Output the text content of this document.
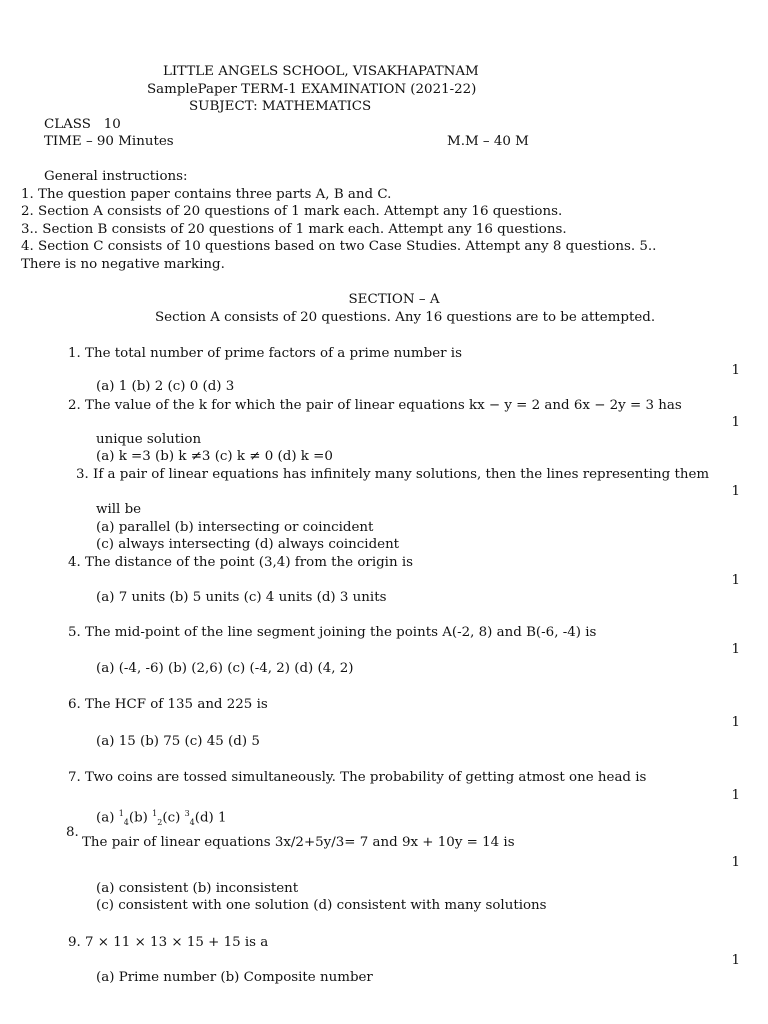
LITTLE ANGELS SCHOOL, VISAKHAPATNAM
SamplePaper TERM-1 EXAMINATION (2021-22)
SUBJECT: MATHEMATICS
CLASS   10
TIME – 90 Minutes	M.M – 40 M
General instructions:
1. The question paper contains three parts A, B and C.
2. Section A consists of 20 questions of 1 mark each. Attempt any 16 questions.
3.. Section B consists of 20 questions of 1 mark each. Attempt any 16 questions.
4. Section C consists of 10 questions based on two Case Studies. Attempt any 8 questions. 5..
There is no negative marking.
SECTION – A
Section A consists of 20 questions. Any 16 questions are to be attempted.
1. The total number of prime factors of a prime number is
1
(a) 1 (b) 2 (c) 0 (d) 3
2. The value of the k for which the pair of linear equations kx − y = 2 and 6x − 2y = 3 has
1
unique solution
(a) k =3 (b) k ≠3 (c) k ≠ 0 (d) k =0
3. If a pair of linear equations has infinitely many solutions, then the lines representing them
1
will be
(a) parallel (b) intersecting or coincident
(c) always intersecting (d) always coincident
4. The distance of the point (3,4) from the origin is
1
(a) 7 units (b) 5 units (c) 4 units (d) 3 units
5. The mid-point of the line segment joining the points A(-2, 8) and B(-6, -4) is
1
(a) (-4, -6) (b) (2,6) (c) (-4, 2) (d) (4, 2)
6. The HCF of 135 and 225 is
1
(a) 15 (b) 75 (c) 45 (d) 5
7. Two coins are tossed simultaneously. The probability of getting atmost one head is
1
(a) $^1_4$(b) $^1_2$(c) $^3_4$(d) 1
8.
The pair of linear equations 3x/2+5y/3= 7 and 9x + 10y = 14 is
1
(a) consistent (b) inconsistent
(c) consistent with one solution (d) consistent with many solutions
9. 7 × 11 × 13 × 15 + 15 is a
1
(a) Prime number (b) Composite number
